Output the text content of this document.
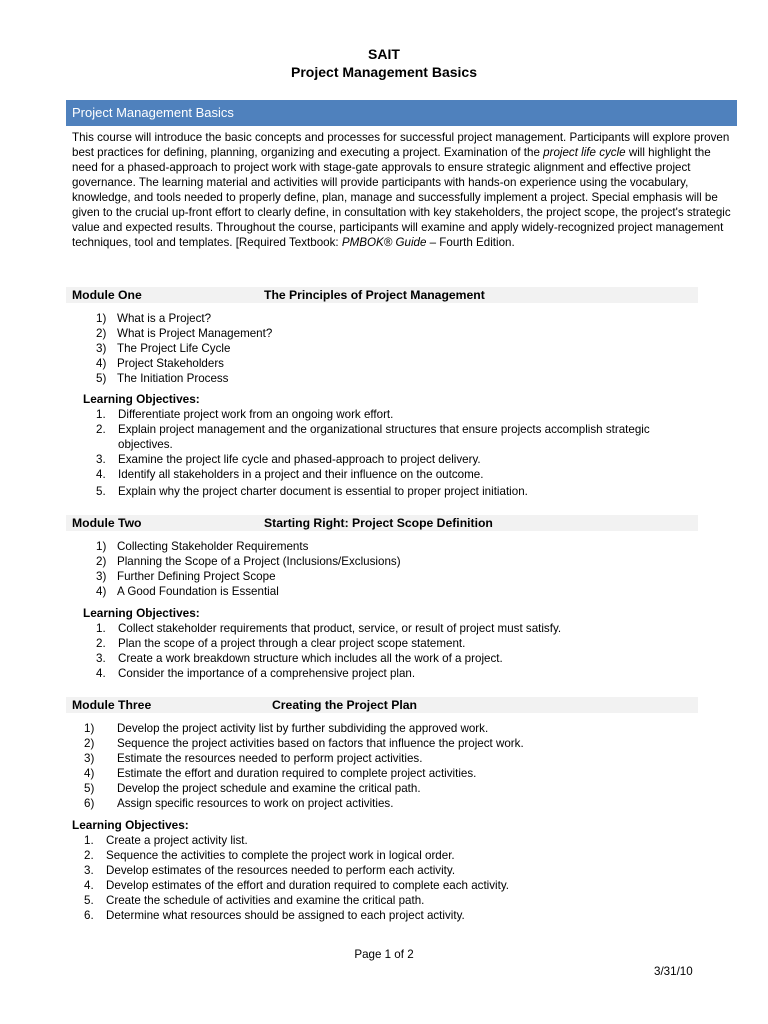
SAIT
Project Management Basics
Project Management Basics
This course will introduce the basic concepts and processes for successful project management. Participants will explore proven best practices for defining, planning, organizing and executing a project. Examination of the project life cycle will highlight the need for a phased-approach to project work with stage-gate approvals to ensure strategic alignment and effective project governance. The learning material and activities will provide participants with hands-on experience using the vocabulary, knowledge, and tools needed to properly define, plan, manage and successfully implement a project. Special emphasis will be given to the crucial up-front effort to clearly define, in consultation with key stakeholders, the project scope, the project's strategic value and expected results. Throughout the course, participants will examine and apply widely-recognized project management techniques, tool and templates. [Required Textbook: PMBOK® Guide – Fourth Edition.
Module One	The Principles of Project Management
1) What is a Project?
2) What is Project Management?
3) The Project Life Cycle
4) Project Stakeholders
5) The Initiation Process
Learning Objectives:
1. Differentiate project work from an ongoing work effort.
2. Explain project management and the organizational structures that ensure projects accomplish strategic
objectives.
3. Examine the project life cycle and phased-approach to project delivery.
4. Identify all stakeholders in a project and their influence on the outcome.
5. Explain why the project charter document is essential to proper project initiation.
Module Two	Starting Right: Project Scope Definition
1) Collecting Stakeholder Requirements
2) Planning the Scope of a Project (Inclusions/Exclusions)
3) Further Defining Project Scope
4) A Good Foundation is Essential
Learning Objectives:
1. Collect stakeholder requirements that product, service, or result of project must satisfy.
2. Plan the scope of a project through a clear project scope statement.
3. Create a work breakdown structure which includes all the work of a project.
4. Consider the importance of a comprehensive project plan.
Module Three	Creating the Project Plan
1) Develop the project activity list by further subdividing the approved work.
2) Sequence the project activities based on factors that influence the project work.
3) Estimate the resources needed to perform project activities.
4) Estimate the effort and duration required to complete project activities.
5) Develop the project schedule and examine the critical path.
6) Assign specific resources to work on project activities.
Learning Objectives:
1. Create a project activity list.
2. Sequence the activities to complete the project work in logical order.
3. Develop estimates of the resources needed to perform each activity.
4. Develop estimates of the effort and duration required to complete each activity.
5. Create the schedule of activities and examine the critical path.
6. Determine what resources should be assigned to each project activity.
Page 1 of 2
3/31/10
